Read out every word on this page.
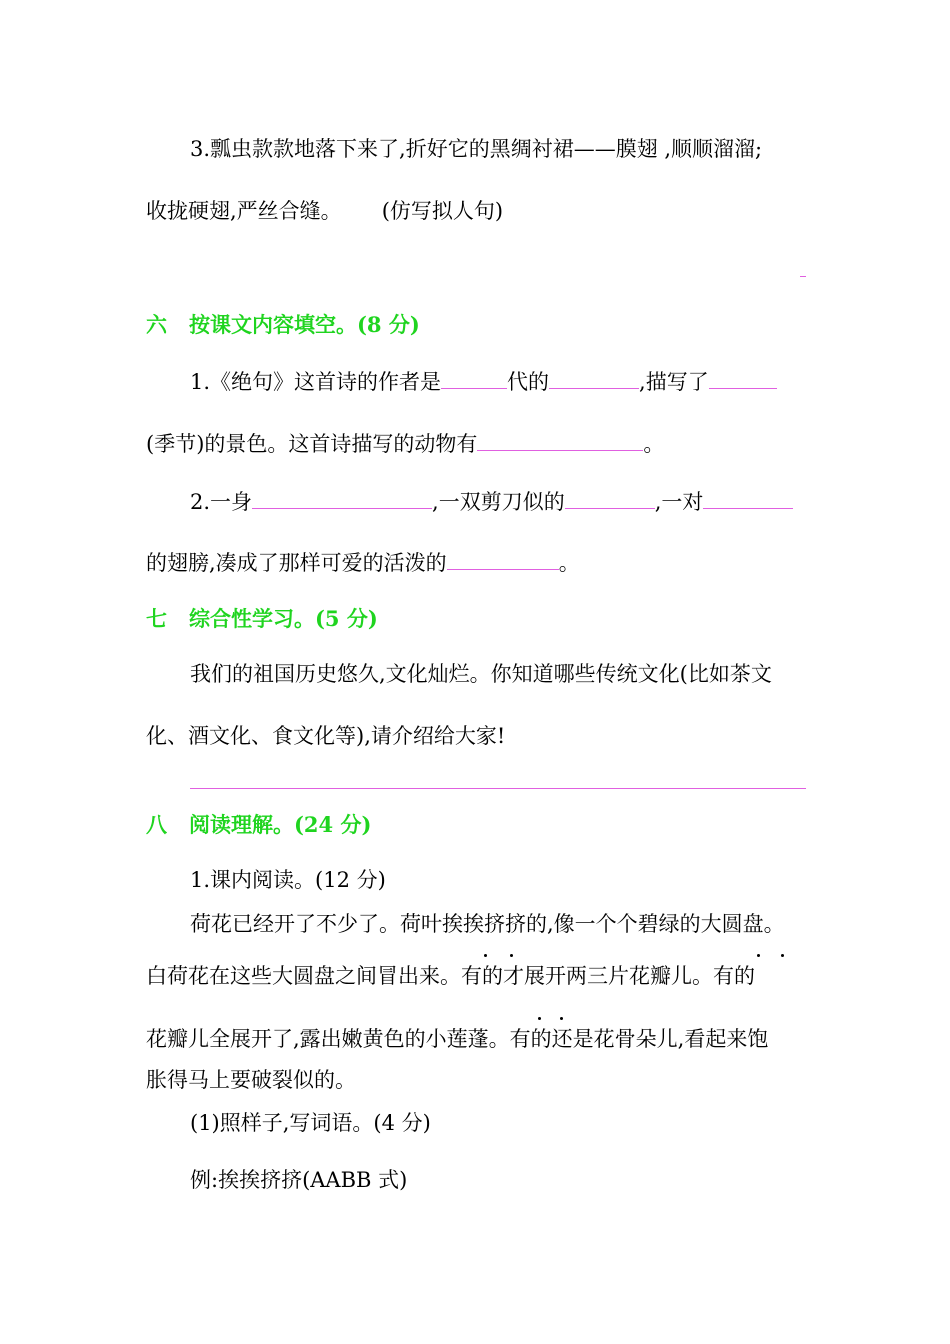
3.瓢虫款款地落下来了,折好它的黑绸衬裙——膜翅 ,顺顺溜溜;
收拢硬翅,严丝合缝。 (仿写拟人句)
六 按课文内容填空。(8 分)
1.《绝句》这首诗的作者是	代的	,描写了
(季节)的景色。这首诗描写的动物有	。
2.一身	,一双剪刀似的	,一对
的翅膀,凑成了那样可爱的活泼的	。
七 综合性学习。(5 分)
我们的祖国历史悠久,文化灿烂。你知道哪些传统文化(比如茶文
化、酒文化、食文化等),请介绍给大家!
八 阅读理解。(24 分)
1.课内阅读。(12 分)
荷花已经开了不少了。荷叶挨挨挤挤的,像一个个碧绿的大圆盘。
白荷花在这些大圆盘之间冒出来。有的才展开两三片花瓣儿。有的
花瓣儿全展开了,露出嫩黄色的小莲蓬。有的还是花骨朵儿,看起来饱
胀得马上要破裂似的。
(1)照样子,写词语。(4 分)
例:挨挨挤挤(AABB 式)
